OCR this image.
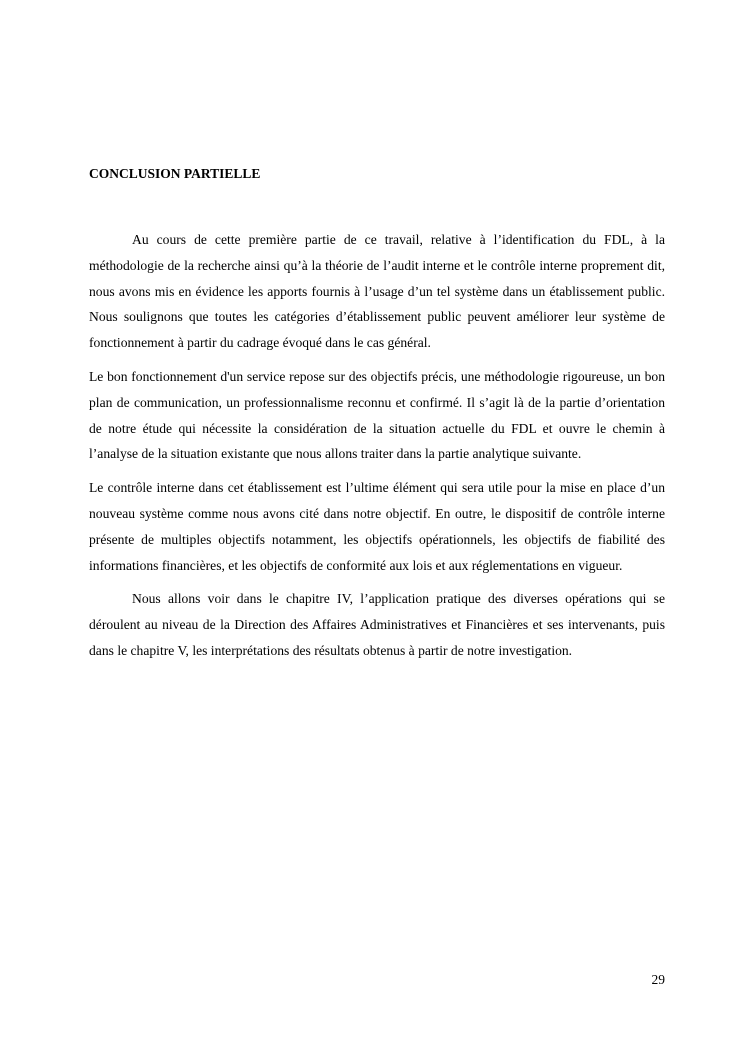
CONCLUSION PARTIELLE

Au cours de cette première partie de ce travail, relative à l’identification du FDL, à la méthodologie de la recherche ainsi qu’à la théorie de l’audit interne et le contrôle interne proprement dit, nous avons mis en évidence les apports fournis à l’usage d’un tel système dans un établissement public. Nous soulignons que toutes les catégories d’établissement public peuvent améliorer leur système de fonctionnement à partir du cadrage évoqué dans le cas général.

Le bon fonctionnement d'un service repose sur des objectifs précis, une méthodologie rigoureuse, un bon plan de communication, un professionnalisme reconnu et confirmé. Il s’agit là de la partie d’orientation de notre étude qui nécessite la considération de la situation actuelle du FDL et ouvre le chemin à l’analyse de la situation existante que nous allons traiter dans la partie analytique suivante.

Le contrôle interne dans cet établissement est l’ultime élément qui sera utile pour la mise en place d’un nouveau système comme nous avons cité dans notre objectif. En outre, le dispositif de contrôle interne présente de multiples objectifs notamment, les objectifs opérationnels, les objectifs de fiabilité des informations financières, et les objectifs de conformité aux lois et aux réglementations en vigueur.

Nous allons voir dans le chapitre IV, l’application pratique des diverses opérations qui se déroulent au niveau de la Direction des Affaires Administratives et Financières et ses intervenants, puis dans le chapitre V, les interprétations des résultats obtenus à partir de notre investigation.

29
